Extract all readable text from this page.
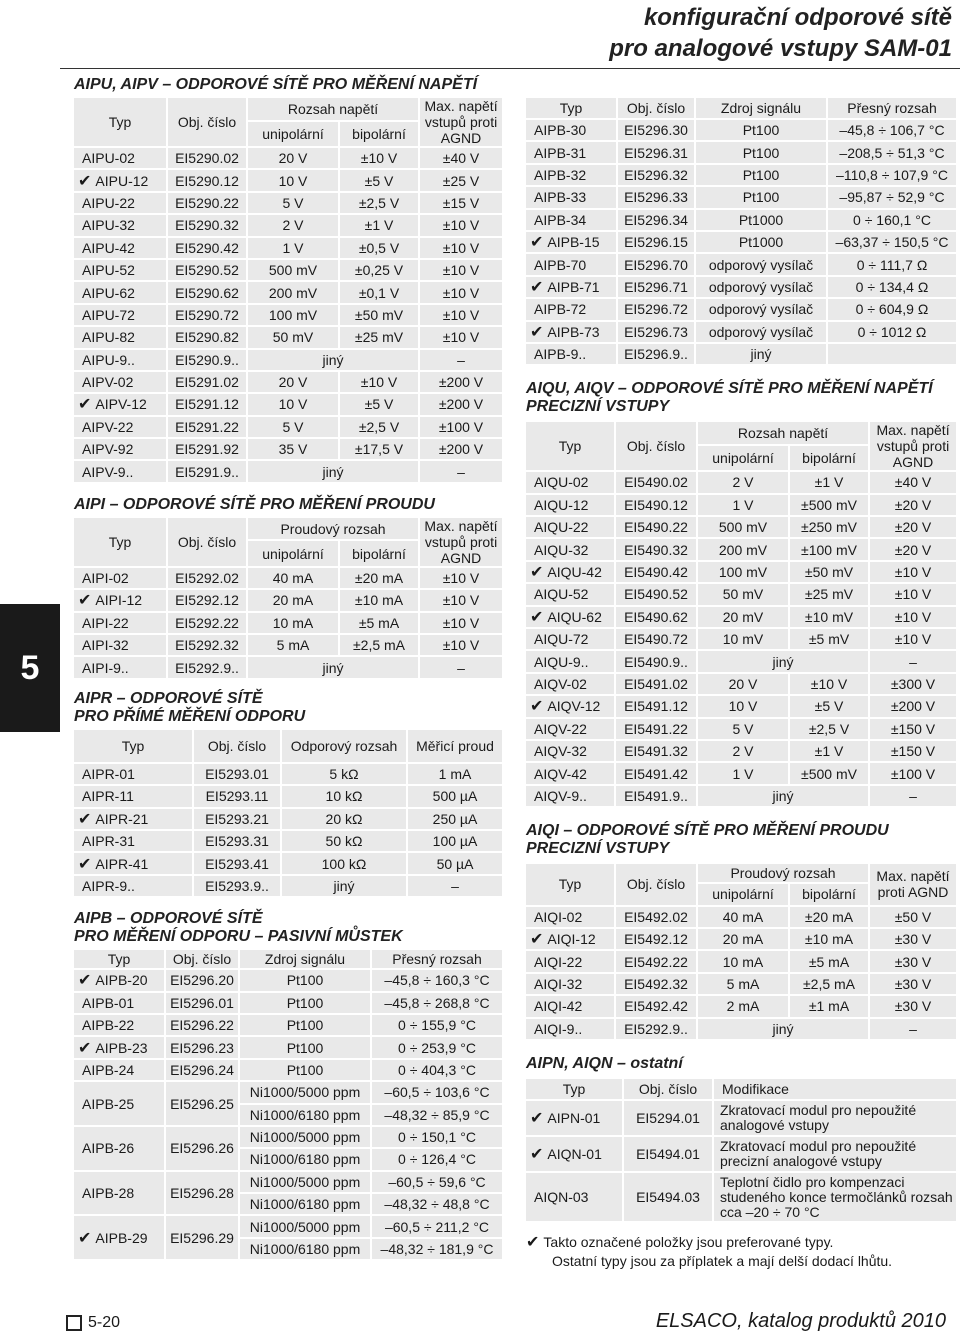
konfigurační odporové sítě
pro analogové vstupy SAM-01
5
AIPU, AIPV – ODPOROVÉ SÍTĚ PRO MĚŘENÍ NAPĚTÍ
Typ	Obj. číslo	Rozsah napětí		Max. napětí vstupů proti AGND
		unipolární	bipolární	
AIPU-02	EI5290.02	20 V	±10 V	±40 V
✔ AIPU-12	EI5290.12	10 V	±5 V	±25 V
AIPU-22	EI5290.22	5 V	±2,5 V	±15 V
AIPU-32	EI5290.32	2 V	±1 V	±10 V
AIPU-42	EI5290.42	1 V	±0,5 V	±10 V
AIPU-52	EI5290.52	500 mV	±0,25 V	±10 V
AIPU-62	EI5290.62	200 mV	±0,1 V	±10 V
AIPU-72	EI5290.72	100 mV	±50 mV	±10 V
AIPU-82	EI5290.82	50 mV	±25 mV	±10 V
AIPU-9..	EI5290.9..	jiný		–
AIPV-02	EI5291.02	20 V	±10 V	±200 V
✔ AIPV-12	EI5291.12	10 V	±5 V	±200 V
AIPV-22	EI5291.22	5 V	±2,5 V	±100 V
AIPV-92	EI5291.92	35 V	±17,5 V	±200 V
AIPV-9..	EI5291.9..	jiný		–
AIPI – ODPOROVÉ SÍTĚ PRO MĚŘENÍ PROUDU
Typ	Obj. číslo	Proudový rozsah		Max. napětí vstupů proti AGND
		unipolární	bipolární	
AIPI-02	EI5292.02	40 mA	±20 mA	±10 V
✔ AIPI-12	EI5292.12	20 mA	±10 mA	±10 V
AIPI-22	EI5292.22	10 mA	±5 mA	±10 V
AIPI-32	EI5292.32	5 mA	±2,5 mA	±10 V
AIPI-9..	EI5292.9..	jiný		–
AIPR – ODPOROVÉ SÍTĚ
PRO PŘÍMÉ MĚŘENÍ ODPORU
Typ	Obj. číslo	Odporový rozsah	Měřicí proud
AIPR-01	EI5293.01	5 kΩ	1 mA
AIPR-11	EI5293.11	10 kΩ	500 µA
✔ AIPR-21	EI5293.21	20 kΩ	250 µA
AIPR-31	EI5293.31	50 kΩ	100 µA
✔ AIPR-41	EI5293.41	100 kΩ	50 µA
AIPR-9..	EI5293.9..	jiný	–
AIPB – ODPOROVÉ SÍTĚ
PRO MĚŘENÍ ODPORU – PASIVNÍ MŮSTEK
Typ	Obj. číslo	Zdroj signálu	Přesný rozsah
✔ AIPB-20	EI5296.20	Pt100	–45,8 ÷ 160,3 °C
AIPB-01	EI5296.01	Pt100	–45,8 ÷ 268,8 °C
AIPB-22	EI5296.22	Pt100	0 ÷ 155,9 °C
✔ AIPB-23	EI5296.23	Pt100	0 ÷ 253,9 °C
AIPB-24	EI5296.24	Pt100	0 ÷ 404,3 °C
AIPB-25	EI5296.25	Ni1000/5000 ppm	–60,5 ÷ 103,6 °C
		Ni1000/6180 ppm	–48,32 ÷ 85,9 °C
AIPB-26	EI5296.26	Ni1000/5000 ppm	0 ÷ 150,1 °C
		Ni1000/6180 ppm	0 ÷ 126,4 °C
AIPB-28	EI5296.28	Ni1000/5000 ppm	–60,5 ÷ 59,6 °C
		Ni1000/6180 ppm	–48,32 ÷ 48,8 °C
✔ AIPB-29	EI5296.29	Ni1000/5000 ppm	–60,5 ÷ 211,2 °C
		Ni1000/6180 ppm	–48,32 ÷ 181,9 °C
Typ	Obj. číslo	Zdroj signálu	Přesný rozsah
AIPB-30	EI5296.30	Pt100	–45,8 ÷ 106,7 °C
AIPB-31	EI5296.31	Pt100	–208,5 ÷ 51,3 °C
AIPB-32	EI5296.32	Pt100	–110,8 ÷ 107,9 °C
AIPB-33	EI5296.33	Pt100	–95,87 ÷ 52,9 °C
AIPB-34	EI5296.34	Pt1000	0 ÷ 160,1 °C
✔ AIPB-15	EI5296.15	Pt1000	–63,37 ÷ 150,5 °C
AIPB-70	EI5296.70	odporový vysílač	0 ÷ 111,7 Ω
✔ AIPB-71	EI5296.71	odporový vysílač	0 ÷ 134,4 Ω
AIPB-72	EI5296.72	odporový vysílač	0 ÷ 604,9 Ω
✔ AIPB-73	EI5296.73	odporový vysílač	0 ÷ 1012 Ω
AIPB-9..	EI5296.9..	jiný	
AIQU, AIQV – ODPOROVÉ SÍTĚ PRO MĚŘENÍ NAPĚTÍ
PRECIZNÍ VSTUPY
Typ	Obj. číslo	Rozsah napětí		Max. napětí vstupů proti AGND
		unipolární	bipolární	
AIQU-02	EI5490.02	2 V	±1 V	±40 V
AIQU-12	EI5490.12	1 V	±500 mV	±20 V
AIQU-22	EI5490.22	500 mV	±250 mV	±20 V
AIQU-32	EI5490.32	200 mV	±100 mV	±20 V
✔ AIQU-42	EI5490.42	100 mV	±50 mV	±10 V
AIQU-52	EI5490.52	50 mV	±25 mV	±10 V
✔ AIQU-62	EI5490.62	20 mV	±10 mV	±10 V
AIQU-72	EI5490.72	10 mV	±5 mV	±10 V
AIQU-9..	EI5490.9..	jiný		–
AIQV-02	EI5491.02	20 V	±10 V	±300 V
✔ AIQV-12	EI5491.12	10 V	±5 V	±200 V
AIQV-22	EI5491.22	5 V	±2,5 V	±150 V
AIQV-32	EI5491.32	2 V	±1 V	±150 V
AIQV-42	EI5491.42	1 V	±500 mV	±100 V
AIQV-9..	EI5491.9..	jiný		–
AIQI – ODPOROVÉ SÍTĚ PRO MĚŘENÍ PROUDU
PRECIZNÍ VSTUPY
Typ	Obj. číslo	Proudový rozsah		Max. napětí proti AGND
		unipolární	bipolární	
AIQI-02	EI5492.02	40 mA	±20 mA	±50 V
✔ AIQI-12	EI5492.12	20 mA	±10 mA	±30 V
AIQI-22	EI5492.22	10 mA	±5 mA	±30 V
AIQI-32	EI5492.32	5 mA	±2,5 mA	±30 V
AIQI-42	EI5492.42	2 mA	±1 mA	±30 V
AIQI-9..	EI5292.9..	jiný		–
AIPN, AIQN – ostatní
Typ	Obj. číslo	Modifikace
✔ AIPN-01	EI5294.01	Zkratovací modul pro nepoužité analogové vstupy
✔ AIQN-01	EI5494.01	Zkratovací modul pro nepoužité precizní analogové vstupy
AIQN-03	EI5494.03	Teplotní čidlo pro kompenzaci studeného konce termočlánků rozsah cca –20 ÷ 70 °C
✔ Takto označené položky jsou preferované typy.
Ostatní typy jsou za příplatek a mají delší dodací lhůtu.
5-20	ELSACO, katalog produktů 2010
